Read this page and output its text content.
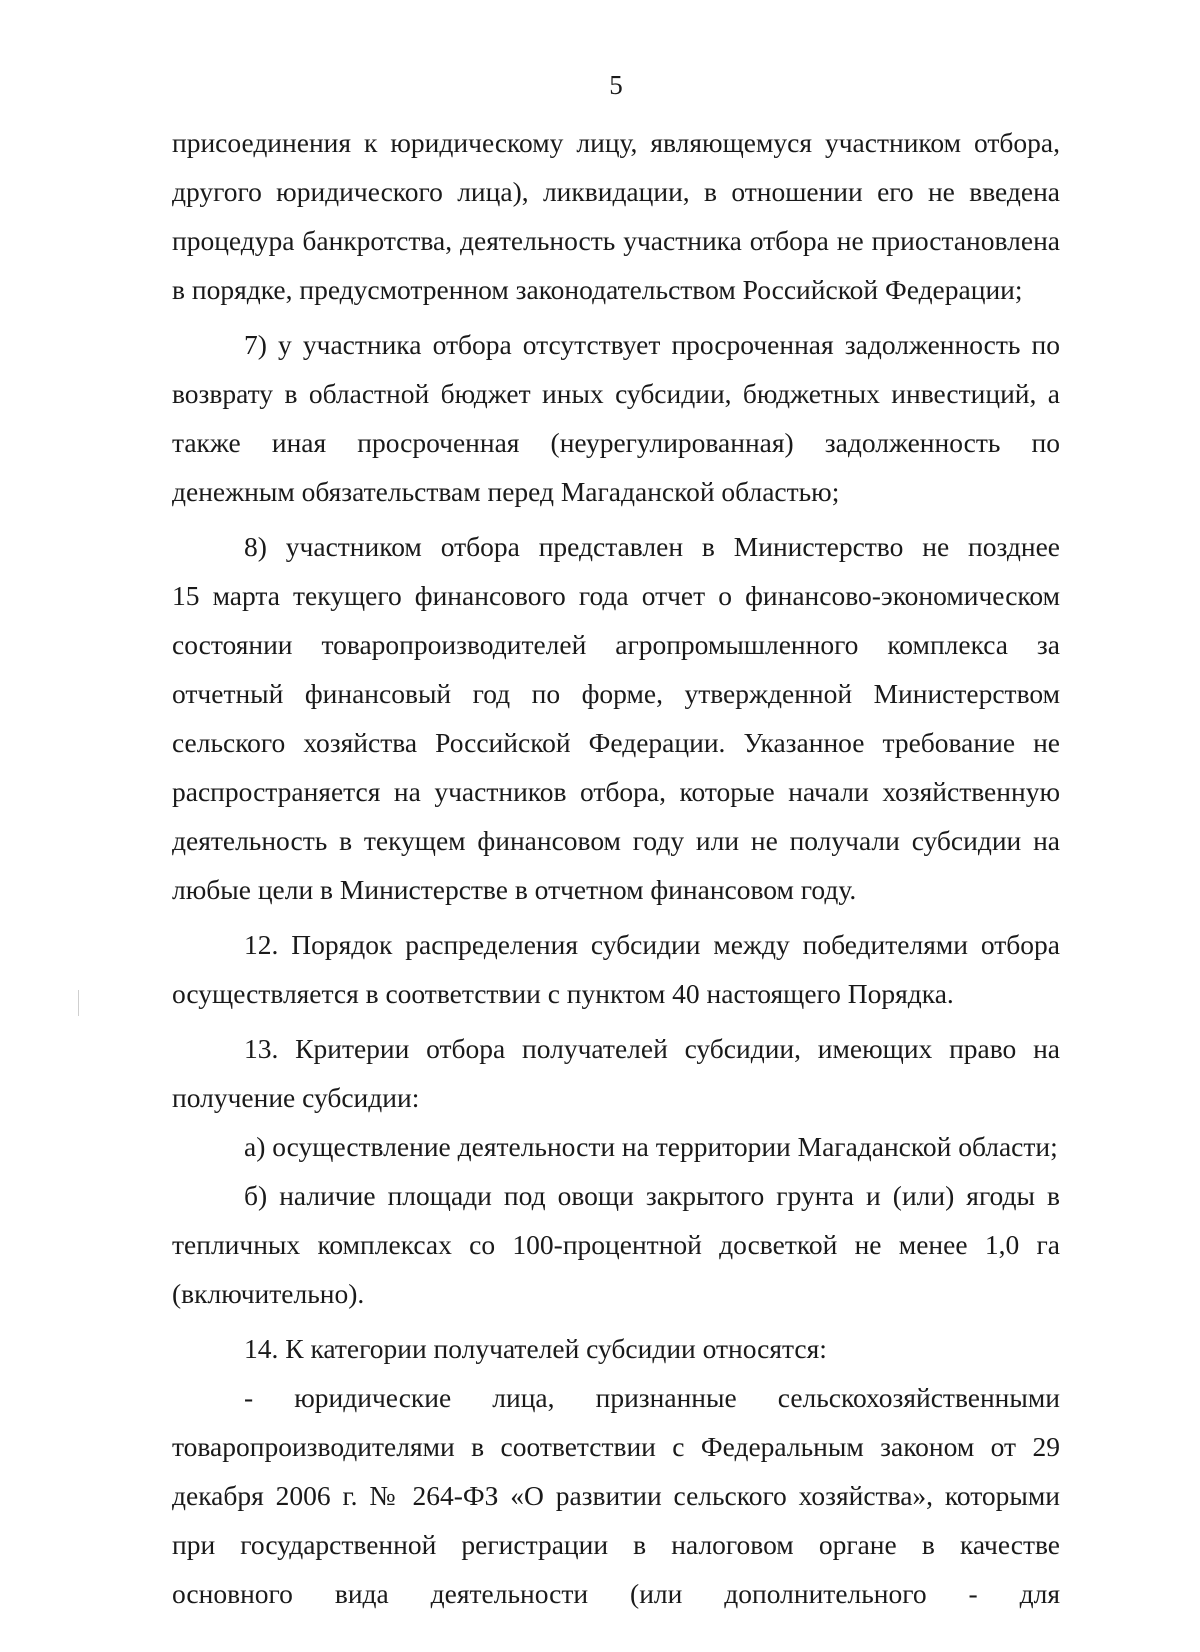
5
присоединения к юридическому лицу, являющемуся участником отбора,
другого юридического лица), ликвидации, в отношении его не введена
процедура банкротства, деятельность участника отбора не приостановлена
в порядке, предусмотренном законодательством Российской Федерации;
7) у участника отбора отсутствует просроченная задолженность по
возврату в областной бюджет иных субсидии, бюджетных инвестиций, а
также иная просроченная (неурегулированная) задолженность по
денежным обязательствам перед Магаданской областью;
8) участником отбора представлен в Министерство не позднее
15 марта текущего финансового года отчет о финансово-экономическом
состоянии товаропроизводителей агропромышленного комплекса за
отчетный финансовый год по форме, утвержденной Министерством
сельского хозяйства Российской Федерации. Указанное требование не
распространяется на участников отбора, которые начали хозяйственную
деятельность в текущем финансовом году или не получали субсидии на
любые цели в Министерстве в отчетном финансовом году.
12. Порядок распределения субсидии между победителями отбора
осуществляется в соответствии с пунктом 40 настоящего Порядка.
13. Критерии отбора получателей субсидии, имеющих право на
получение субсидии:
а) осуществление деятельности на территории Магаданской области;
б) наличие площади под овощи закрытого грунта и (или) ягоды в
тепличных комплексах со 100-процентной досветкой не менее 1,0 га
(включительно).
14. К категории получателей субсидии относятся:
- юридические лица, признанные сельскохозяйственными
товаропроизводителями в соответствии с Федеральным законом от 29
декабря 2006 г. № 264-ФЗ «О развитии сельского хозяйства», которыми
при государственной регистрации в налоговом органе в качестве
основного вида деятельности (или дополнительного - для
